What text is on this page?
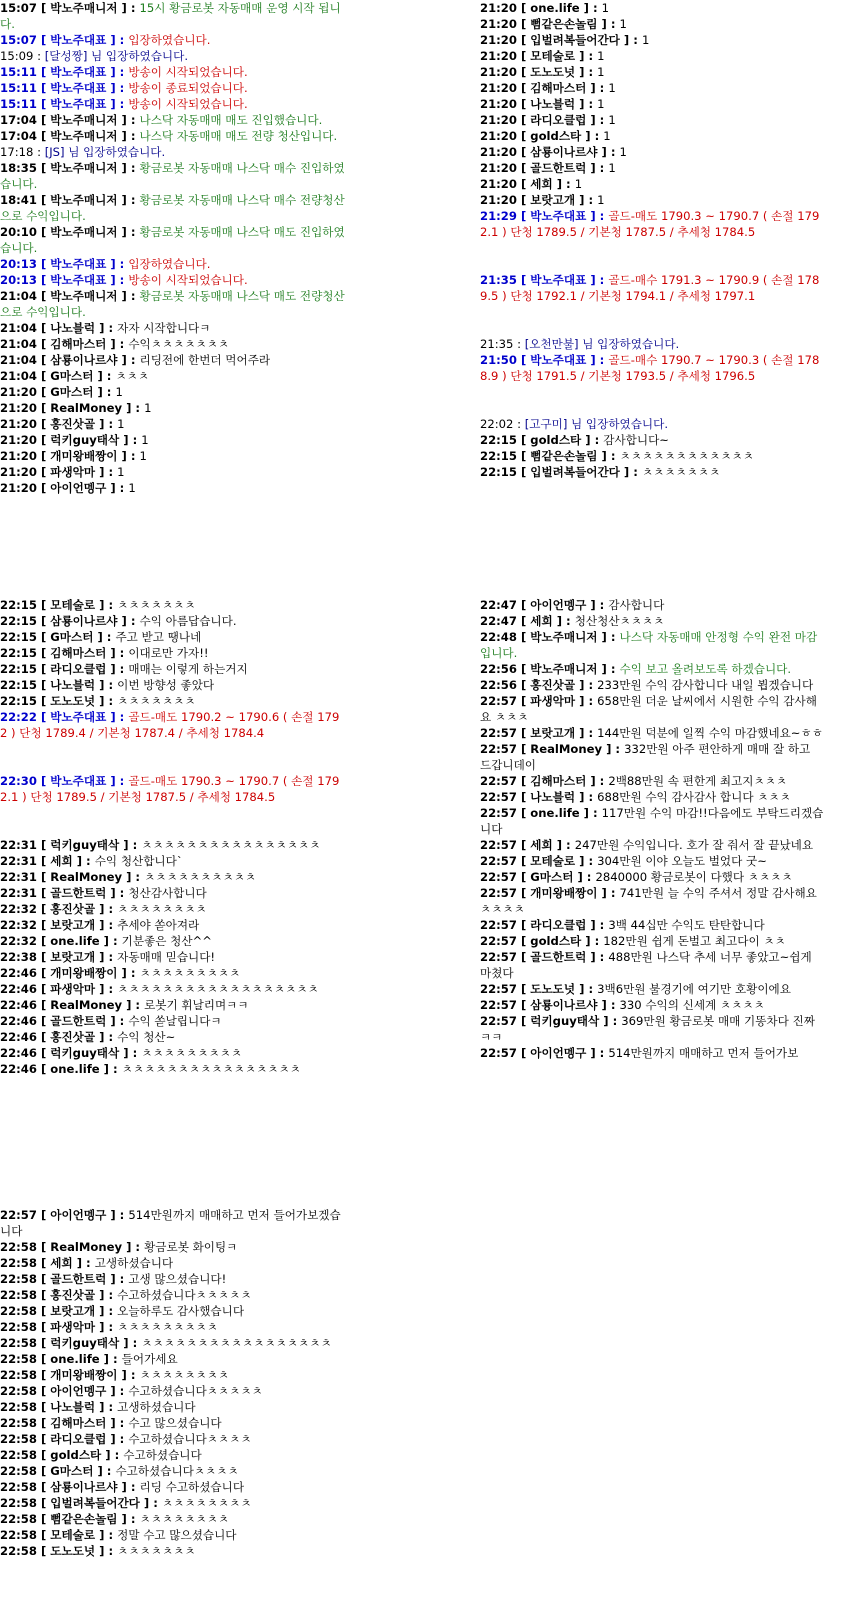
15:07 [ 박노주매니저 ] : 15시 황금로봇 자동매매 운영 시작 됩니다.
15:07 [ 박노주대표 ] : 입장하였습니다.
15:09 : [달성짱] 님 입장하였습니다.
15:11 [ 박노주대표 ] : 방송이 시작되었습니다.
15:11 [ 박노주대표 ] : 방송이 종료되었습니다.
15:11 [ 박노주대표 ] : 방송이 시작되었습니다.
17:04 [ 박노주매니저 ] : 나스닥 자동매매 매도 진입했습니다.
17:04 [ 박노주매니저 ] : 나스닥 자동매매 매도 전량 청산입니다.
17:18 : [JS] 님 입장하였습니다.
18:35 [ 박노주매니저 ] : 황금로봇 자동매매 나스닥 매수 진입하였습니다.
18:41 [ 박노주매니저 ] : 황금로봇 자동매매 나스닥 매수 전량청산으로 수익입니다.
20:10 [ 박노주매니저 ] : 황금로봇 자동매매 나스닥 매도 진입하였습니다.
20:13 [ 박노주대표 ] : 입장하였습니다.
20:13 [ 박노주대표 ] : 방송이 시작되었습니다.
21:04 [ 박노주매니저 ] : 황금로봇 자동매매 나스닥 매도 전량청산으로 수익입니다.
21:04 [ 나노블럭 ] : 자자 시작합니다ㅋ
21:04 [ 김해마스터 ] : 수익ㅊㅊㅊㅊㅊㅊㅊ
21:04 [ 삼룡이나르샤 ] : 리딩전에 한번더 먹어주라
21:04 [ G마스터 ] : ㅊㅊㅊ
21:20 [ G마스터 ] : 1
21:20 [ RealMoney ] : 1
21:20 [ 홍진삿골 ] : 1
21:20 [ 럭키guy태삭 ] : 1
21:20 [ 개미왕배짱이 ] : 1
21:20 [ 파생악마 ] : 1
21:20 [ 아이언멩구 ] : 1
21:20 [ one.life ] : 1
21:20 [ 뻠같은손놀림 ] : 1
21:20 [ 입벌려복들어간다 ] : 1
21:20 [ 모테술로 ] : 1
21:20 [ 도노도넛 ] : 1
21:20 [ 김해마스터 ] : 1
21:20 [ 나노블럭 ] : 1
21:20 [ 라디오클럽 ] : 1
21:20 [ gold스타 ] : 1
21:20 [ 삼룡이나르샤 ] : 1
21:20 [ 골드한트럭 ] : 1
21:20 [ 세희 ] : 1
21:20 [ 보랏고개 ] : 1
21:29 [ 박노주대표 ] : 골드-매도 1790.3 ~ 1790.7 ( 손절 1792.1 ) 단청 1789.5 / 기본청 1787.5 / 추세청 1784.5
21:35 [ 박노주대표 ] : 골드-매수 1791.3 ~ 1790.9 ( 손절 1789.5 ) 단청 1792.1 / 기본청 1794.1 / 추세청 1797.1
21:35 : [오천만불] 님 입장하였습니다.
21:50 [ 박노주대표 ] : 골드-매수 1790.7 ~ 1790.3 ( 손절 1788.9 ) 단청 1791.5 / 기본청 1793.5 / 추세청 1796.5
22:02 : [고구미] 님 입장하였습니다.
22:15 [ gold스타 ] : 감사합니다~
22:15 [ 뻠같은손놀림 ] : ㅊㅊㅊㅊㅊㅊㅊㅊㅊㅊㅊㅊ
22:15 [ 입벌려복들어간다 ] : ㅊㅊㅊㅊㅊㅊㅊ
22:15 [ 모테술로 ] : ㅊㅊㅊㅊㅊㅊㅊ
22:15 [ 삼룡이나르샤 ] : 수익 아름답습니다.
22:15 [ G마스터 ] : 주고 받고 땡나네
22:15 [ 김해마스터 ] : 이대로만 가자!!
22:15 [ 라디오클럽 ] : 매매는 이렇게 하는거지
22:15 [ 나노블럭 ] : 이번 방향성 좋았다
22:15 [ 도노도넛 ] : ㅊㅊㅊㅊㅊㅊㅊ
22:22 [ 박노주대표 ] : 골드-매도 1790.2 ~ 1790.6 ( 손절 1792 ) 단청 1789.4 / 기본청 1787.4 / 추세청 1784.4
22:30 [ 박노주대표 ] : 골드-매도 1790.3 ~ 1790.7 ( 손절 1792.1 ) 단청 1789.5 / 기본청 1787.5 / 추세청 1784.5
22:31 [ 럭키guy태삭 ] : ㅊㅊㅊㅊㅊㅊㅊㅊㅊㅊㅊㅊㅊㅊㅊㅊ
22:31 [ 세희 ] : 수익 청산합니다`
22:31 [ RealMoney ] : ㅊㅊㅊㅊㅊㅊㅊㅊㅊㅊ
22:31 [ 골드한트럭 ] : 청산감사합니다
22:32 [ 홍진삿골 ] : ㅊㅊㅊㅊㅊㅊㅊㅊ
22:32 [ 보랏고개 ] : 추세야 쏟아져라
22:32 [ one.life ] : 기분좋은 청산^^
22:38 [ 보랏고개 ] : 자동매매 믿습니다!
22:46 [ 개미왕배짱이 ] : ㅊㅊㅊㅊㅊㅊㅊㅊㅊ
22:46 [ 파생악마 ] : ㅊㅊㅊㅊㅊㅊㅊㅊㅊㅊㅊㅊㅊㅊㅊㅊㅊㅊ
22:46 [ RealMoney ] : 로봇기 휘날리며ㅋㅋ
22:46 [ 골드한트럭 ] : 수익 쏟날립니다ㅋ
22:46 [ 홍진삿골 ] : 수익 청산~
22:46 [ 럭키guy태삭 ] : ㅊㅊㅊㅊㅊㅊㅊㅊㅊ
22:46 [ one.life ] : ㅊㅊㅊㅊㅊㅊㅊㅊㅊㅊㅊㅊㅊㅊㅊㅊ
22:47 [ 아이언멩구 ] : 감사합니다
22:47 [ 세희 ] : 청산청산ㅊㅊㅊㅊ
22:48 [ 박노주매니저 ] : 나스닥 자동매매 안정형 수익 완전 마감입니다.
22:56 [ 박노주매니저 ] : 수익 보고 올려보도록 하겠습니다.
22:56 [ 홍진삿골 ] : 233만원 수익 감사합니다 내일 뵙겠습니다
22:57 [ 파생악마 ] : 658만원 더운 날씨에서 시원한 수익 감사해요 ㅊㅊㅊ
22:57 [ 보랏고개 ] : 144만원 덕분에 일찍 수익 마감했네요~ㅎㅎ
22:57 [ RealMoney ] : 332만원 아주 편안하게 매매 잘 하고 드갑니데이
22:57 [ 김해마스터 ] : 2백88만원 속 편한게 최고지ㅊㅊㅊ
22:57 [ 나노블럭 ] : 688만원 수익 감사감사 합니다 ㅊㅊㅊ
22:57 [ one.life ] : 117만원 수익 마감!!다음에도 부탁드리겠습니다
22:57 [ 세희 ] : 247만원 수익입니다. 호가 잘 줘서 잘 끝났네요
22:57 [ 모테술로 ] : 304만원 이야 오늘도 벌었다 굿~
22:57 [ G마스터 ] : 2840000 황금로봇이 다했다 ㅊㅊㅊㅊ
22:57 [ 개미왕배짱이 ] : 741만원 늘 수익 주셔서 정말 감사해요ㅊㅊㅊㅊ
22:57 [ 라디오클럽 ] : 3백 44십만 수익도 탄탄합니다
22:57 [ gold스타 ] : 182만원 쉽게 돈벌고 최고다이 ㅊㅊ
22:57 [ 골드한트럭 ] : 488만원 나스닥 추세 너무 좋았고~쉽게 마쳤다
22:57 [ 도노도넛 ] : 3백6만원 불경기에 여기만 호황이에요
22:57 [ 삼룡이나르샤 ] : 330 수익의 신세계 ㅊㅊㅊㅊ
22:57 [ 럭키guy태삭 ] : 369만원 황금로봇 매매 기똥차다 진짜ㅋㅋ
22:57 [ 아이언멩구 ] : 514만원까지 매매하고 먼저 들어가보
22:57 [ 아이언멩구 ] : 514만원까지 매매하고 먼저 들어가보겠습니다
22:58 [ RealMoney ] : 황금로봇 화이팅ㅋ
22:58 [ 세희 ] : 고생하셨습니다
22:58 [ 골드한트럭 ] : 고생 많으셨습니다!
22:58 [ 홍진삿골 ] : 수고하셨습니다ㅊㅊㅊㅊㅊ
22:58 [ 보랏고개 ] : 오늘하루도 감사했습니다
22:58 [ 파생악마 ] : ㅊㅊㅊㅊㅊㅊㅊㅊㅊ
22:58 [ 럭키guy태삭 ] : ㅊㅊㅊㅊㅊㅊㅊㅊㅊㅊㅊㅊㅊㅊㅊㅊㅊ
22:58 [ one.life ] : 들어가세요
22:58 [ 개미왕배짱이 ] : ㅊㅊㅊㅊㅊㅊㅊㅊ
22:58 [ 아이언멩구 ] : 수고하셨습니다ㅊㅊㅊㅊㅊ
22:58 [ 나노블럭 ] : 고생하셨습니다
22:58 [ 김해마스터 ] : 수고 많으셨습니다
22:58 [ 라디오클럽 ] : 수고하셨습니다ㅊㅊㅊㅊ
22:58 [ gold스타 ] : 수고하셨습니다
22:58 [ G마스터 ] : 수고하셨습니다ㅊㅊㅊㅊ
22:58 [ 삼룡이나르샤 ] : 리딩 수고하셨습니다
22:58 [ 입벌려복들어간다 ] : ㅊㅊㅊㅊㅊㅊㅊㅊ
22:58 [ 뻠같은손놀림 ] : ㅊㅊㅊㅊㅊㅊㅊㅊ
22:58 [ 모테술로 ] : 정말 수고 많으셨습니다
22:58 [ 도노도넛 ] : ㅊㅊㅊㅊㅊㅊㅊ
